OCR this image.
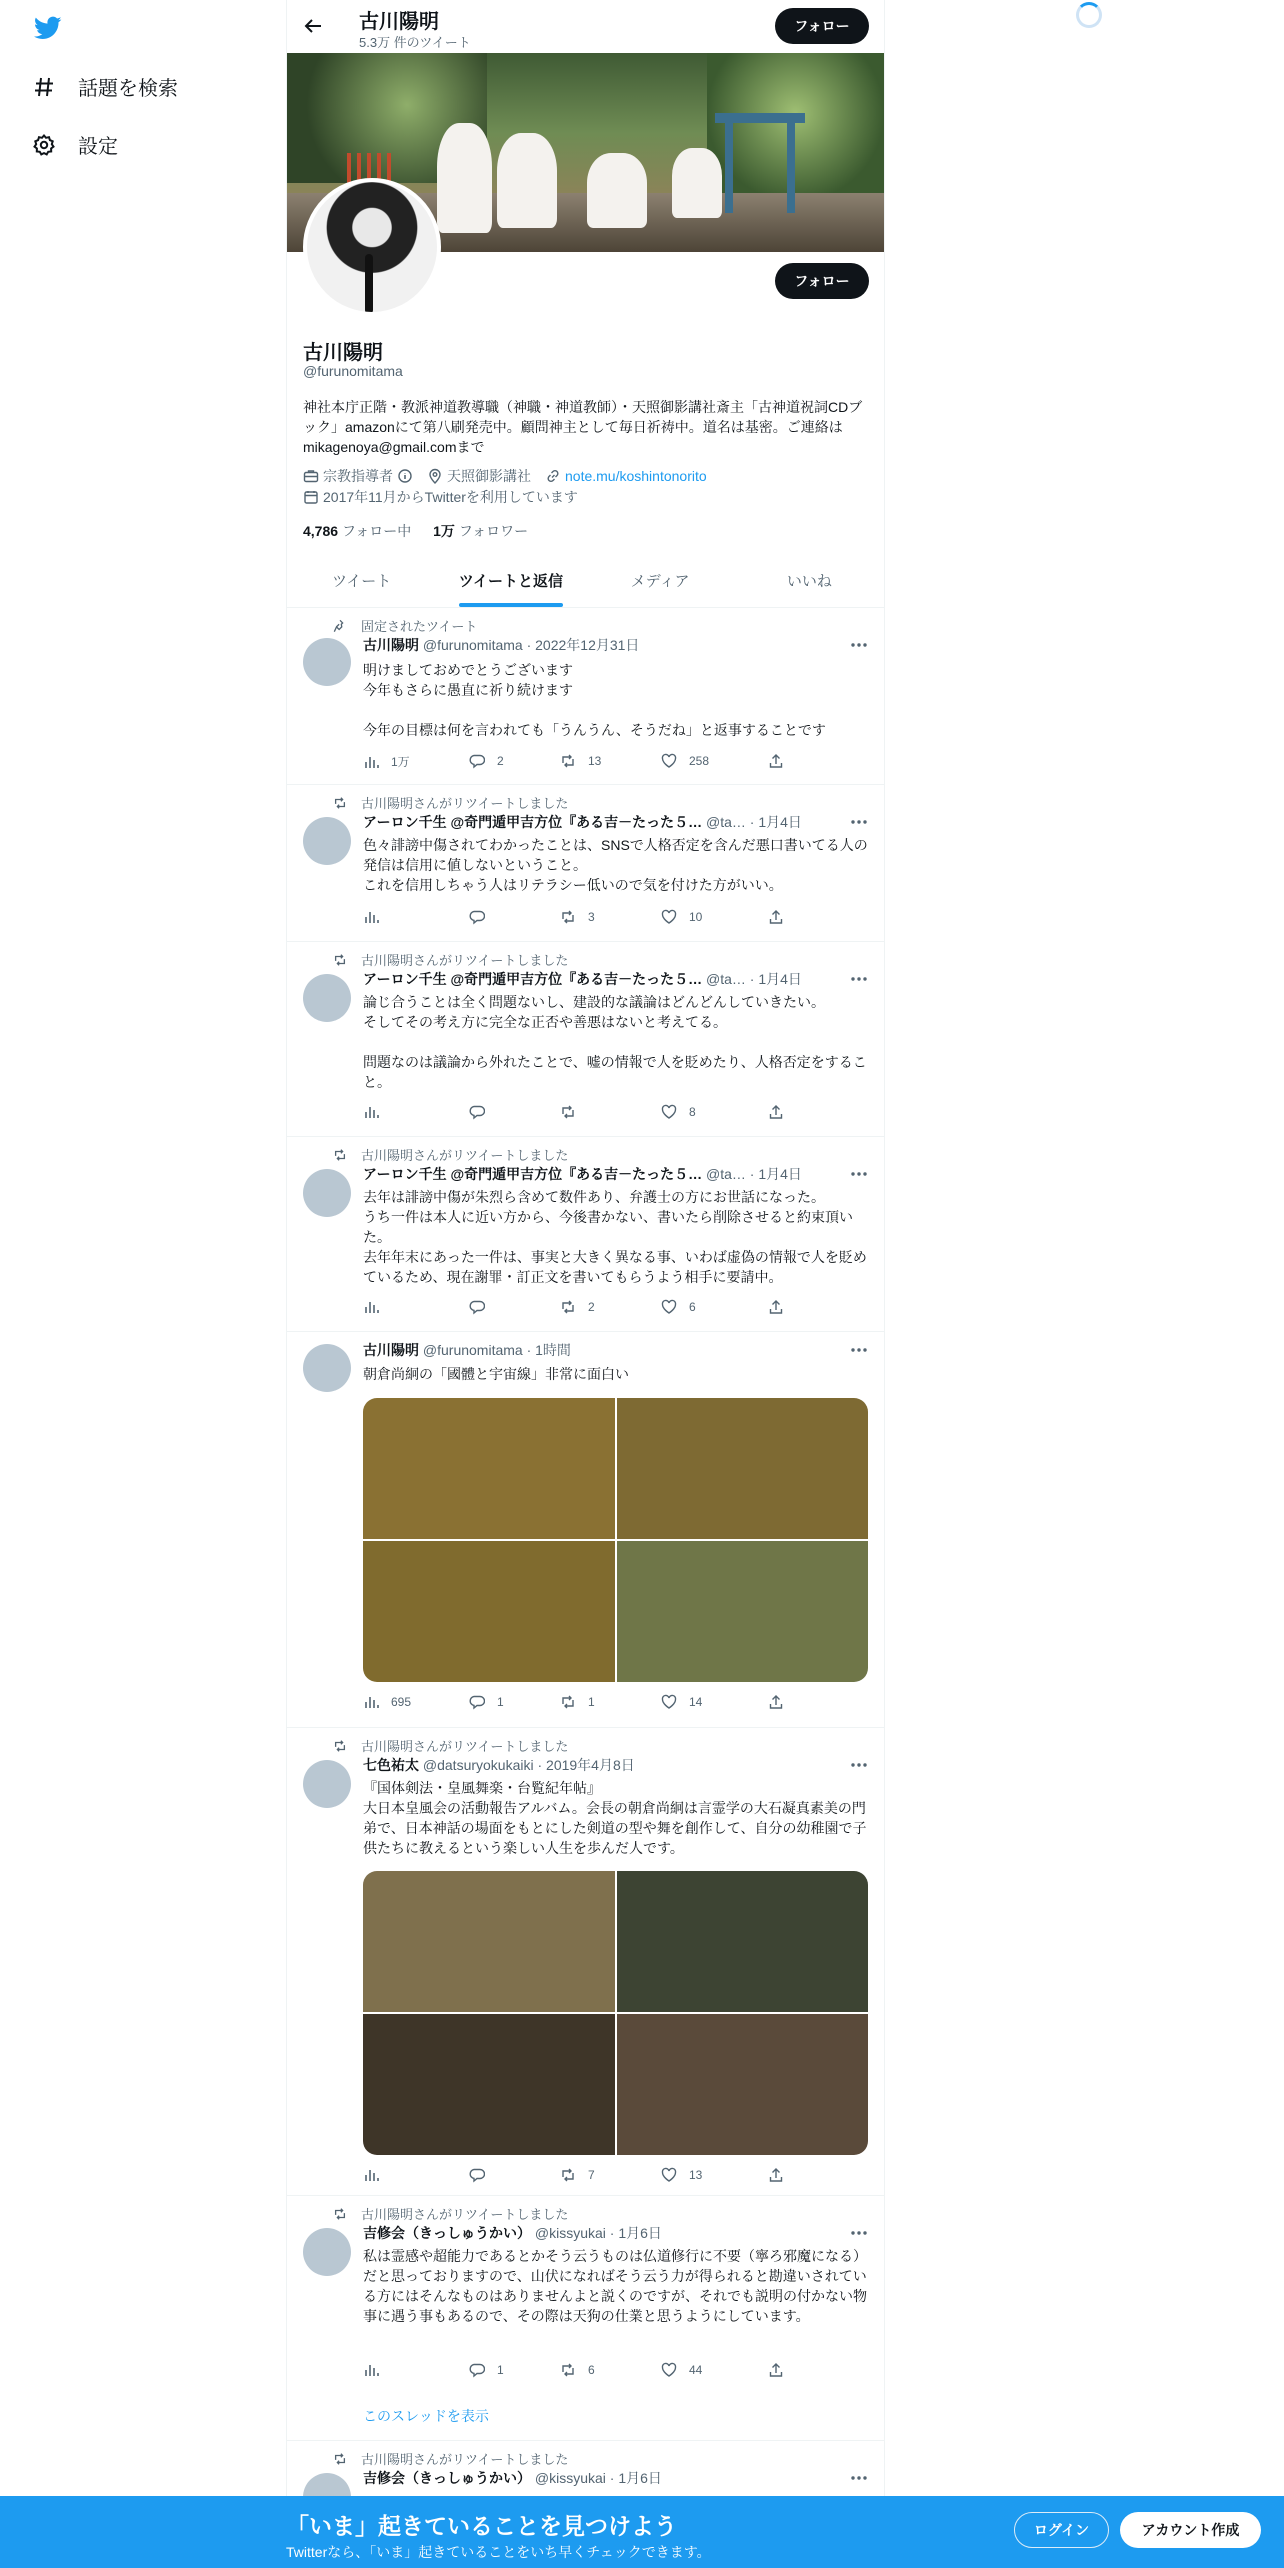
話題を検索
設定
古川陽明
5.3万 件のツイート
フォロー
フォロー
古川陽明
@furunomitama
神社本庁正階・教派神道教導職（神職・神道教師）・天照御影講社斎主「古神道祝詞CDブック」amazonにて第八刷発売中。顧問神主として毎日祈祷中。道名は基密。ご連絡はmikagenoya@gmail.comまで
宗教指導者	天照御影講社 note.mu/koshintonorito
2017年11月からTwitterを利用しています
4,786 フォロー中 1万 フォロワー
ツイート	ツイートと返信	メディア	いいね
固定されたツイート
古川陽明 @furunomitama · 2022年12月31日
明けましておめでとうございます
今年もさらに愚直に祈り続けます

今年の目標は何を言われても「うんうん、そうだね」と返事することです
1万	2	13	258
古川陽明さんがリツイートしました
アーロン千生 @奇門遁甲吉方位『ある吉－たった５… @ta… · 1月4日
色々誹謗中傷されてわかったことは、SNSで人格否定を含んだ悪口書いてる人の発信は信用に値しないということ。
これを信用しちゃう人はリテラシー低いので気を付けた方がいい。
3	10
古川陽明さんがリツイートしました
アーロン千生 @奇門遁甲吉方位『ある吉－たった５… @ta… · 1月4日
論じ合うことは全く問題ないし、建設的な議論はどんどんしていきたい。
そしてその考え方に完全な正否や善悪はないと考えてる。

問題なのは議論から外れたことで、嘘の情報で人を貶めたり、人格否定をすること。
8
古川陽明さんがリツイートしました
アーロン千生 @奇門遁甲吉方位『ある吉－たった５… @ta… · 1月4日
去年は誹謗中傷が朱烈ら含めて数件あり、弁護士の方にお世話になった。
うち一件は本人に近い方から、今後書かない、書いたら削除させると約束頂いた。
去年年末にあった一件は、事実と大きく異なる事、いわば虚偽の情報で人を貶めているため、現在謝罪・訂正文を書いてもらうよう相手に要請中。
2	6
古川陽明 @furunomitama · 1時間
朝倉尚絅の「國體と宇宙線」非常に面白い
695	1	1	14
古川陽明さんがリツイートしました
七色祐太 @datsuryokukaiki · 2019年4月8日
『国体剣法・皇風舞楽・台覧紀年帖』
大日本皇風会の活動報告アルバム。会長の朝倉尚絅は言霊学の大石凝真素美の門弟で、日本神話の場面をもとにした剣道の型や舞を創作して、自分の幼稚園で子供たちに教えるという楽しい人生を歩んだ人です。
7	13
古川陽明さんがリツイートしました
吉修会（きっしゅうかい） @kissyukai · 1月6日
私は霊感や超能力であるとかそう云うものは仏道修行に不要（寧ろ邪魔になる）だと思っておりますので、山伏になればそう云う力が得られると勘違いされている方にはそんなものはありませんよと説くのですが、それでも説明の付かない物事に遇う事もあるので、その際は天狗の仕業と思うようにしています。
1	6	44
このスレッドを表示
古川陽明さんがリツイートしました
吉修会（きっしゅうかい） @kissyukai · 1月6日
「いま」起きていることを見つけよう
Twitterなら、「いま」起きていることをいち早くチェックできます。
ログイン	アカウント作成
